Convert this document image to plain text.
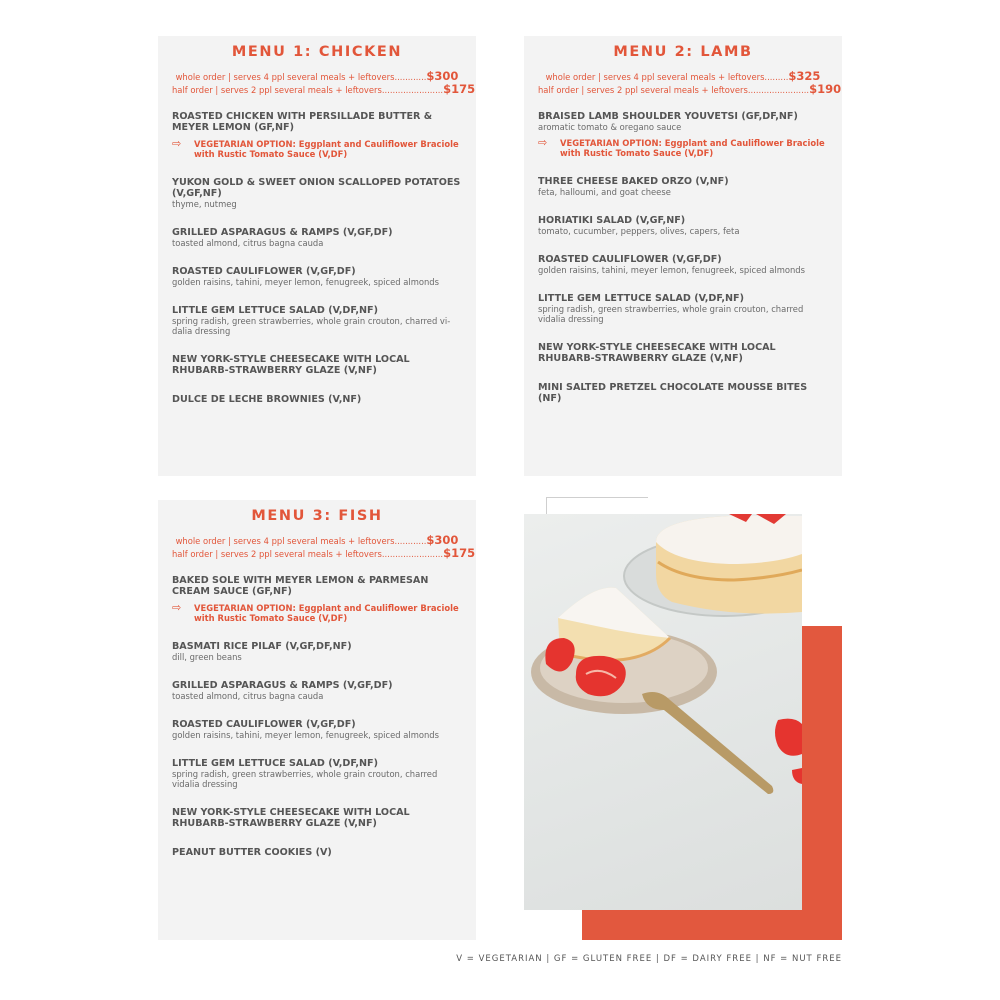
MENU 1: CHICKEN
whole order | serves 4 ppl several meals + leftovers............$300
half order | serves 2 ppl several meals + leftovers.......................$175
ROASTED CHICKEN WITH PERSILLADE BUTTER & MEYER LEMON (GF,NF)
⇨	VEGETARIAN OPTION: Eggplant and Cauliflower Braciole with Rustic Tomato Sauce (V,DF)
YUKON GOLD & SWEET ONION SCALLOPED POTATOES (V,GF,NF)
thyme, nutmeg
GRILLED ASPARAGUS & RAMPS (V,GF,DF)
toasted almond, citrus bagna cauda
ROASTED CAULIFLOWER (V,GF,DF)
golden raisins, tahini, meyer lemon, fenugreek, spiced almonds
LITTLE GEM LETTUCE SALAD (V,DF,NF)
spring radish, green strawberries, whole grain crouton, charred vi-dalia dressing
NEW YORK-STYLE CHEESECAKE WITH LOCAL RHUBARB-STRAWBERRY GLAZE (V,NF)
DULCE DE LECHE BROWNIES (V,NF)
MENU 2: LAMB
whole order | serves 4 ppl several meals + leftovers.........$325
half order | serves 2 ppl several meals + leftovers.......................$190
BRAISED LAMB SHOULDER YOUVETSI (GF,DF,NF)
aromatic tomato & oregano sauce
⇨	VEGETARIAN OPTION: Eggplant and Cauliflower Braciole with Rustic Tomato Sauce (V,DF)
THREE CHEESE BAKED ORZO (V,NF)
feta, halloumi, and goat cheese
HORIATIKI SALAD (V,GF,NF)
tomato, cucumber, peppers, olives, capers, feta
ROASTED CAULIFLOWER (V,GF,DF)
golden raisins, tahini, meyer lemon, fenugreek, spiced almonds
LITTLE GEM LETTUCE SALAD (V,DF,NF)
spring radish, green strawberries, whole grain crouton, charred vidalia dressing
NEW YORK-STYLE CHEESECAKE WITH LOCAL RHUBARB-STRAWBERRY GLAZE (V,NF)
MINI SALTED PRETZEL CHOCOLATE MOUSSE BITES (NF)
MENU 3: FISH
whole order | serves 4 ppl several meals + leftovers............$300
half order | serves 2 ppl several meals + leftovers.......................$175
BAKED SOLE WITH MEYER LEMON & PARMESAN CREAM SAUCE (GF,NF)
⇨	VEGETARIAN OPTION: Eggplant and Cauliflower Braciole with Rustic Tomato Sauce (V,DF)
BASMATI RICE PILAF (V,GF,DF,NF)
dill, green beans
GRILLED ASPARAGUS & RAMPS (V,GF,DF)
toasted almond, citrus bagna cauda
ROASTED CAULIFLOWER (V,GF,DF)
golden raisins, tahini, meyer lemon, fenugreek, spiced almonds
LITTLE GEM LETTUCE SALAD (V,DF,NF)
spring radish, green strawberries, whole grain crouton, charred vidalia dressing
NEW YORK-STYLE CHEESECAKE WITH LOCAL RHUBARB-STRAWBERRY GLAZE (V,NF)
PEANUT BUTTER COOKIES (V)
V = VEGETARIAN | GF = GLUTEN FREE | DF = DAIRY FREE | NF = NUT FREE
